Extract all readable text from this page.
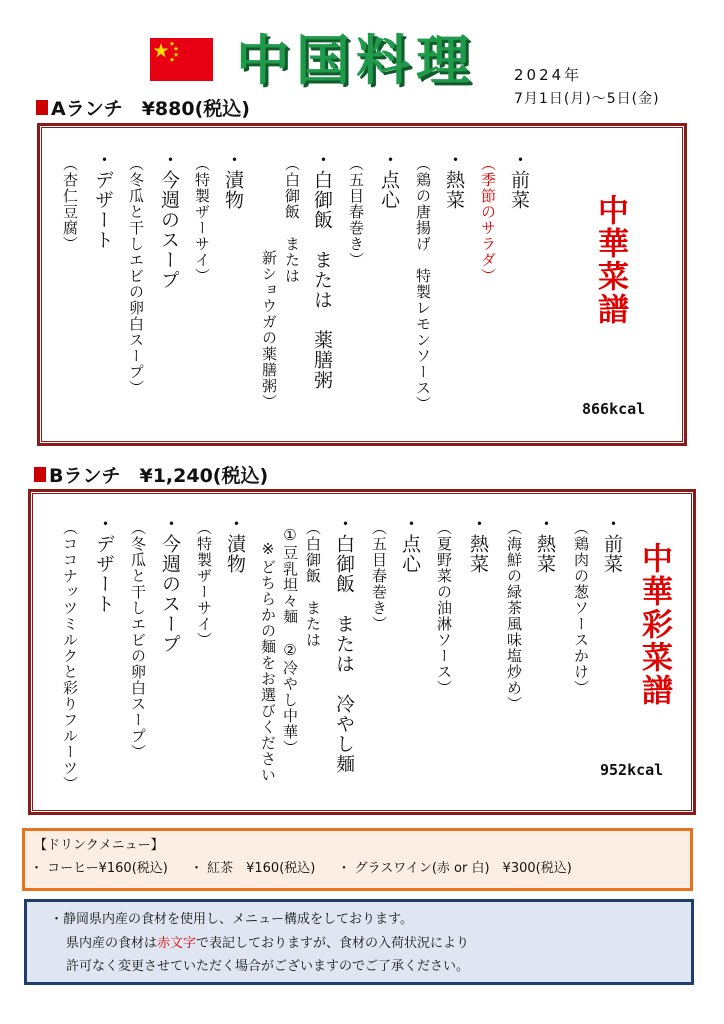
中国料理	2024年
7月1日(月)〜5日(金)
Aランチ　¥880(税込)
中華菜譜
・前菜
（季節のサラダ）
・熱菜
（鶏の唐揚げ　特製レモンソース）
・点心
（五目春巻き）
・白御飯　または　薬膳粥
（白御飯　または
新ショウガの薬膳粥）
・漬物
（特製ザーサイ）
・今週のスープ
（冬瓜と干しエビの卵白スープ）
・デザート
（杏仁豆腐）
866kcal
Bランチ　¥1,240(税込)
中華彩菜譜
・前菜
（鶏肉の葱ソースかけ）
・熱菜
（海鮮の緑茶風味塩炒め）
・熱菜
（夏野菜の油淋ソース）
・点心
（五目春巻き）
・白御飯　または　冷やし麺
（白御飯　または
①豆乳坦々麺　②冷やし中華）
※どちらかの麺をお選びください
・漬物
（特製ザーサイ）
・今週のスープ
（冬瓜と干しエビの卵白スープ）
・デザート
（ココナッツミルクと彩りフルーツ）	952kcal
【ドリンクメニュー】
・ コーヒー¥160(税込) ・ 紅茶　¥160(税込) ・ グラスワイン(赤 or 白)　¥300(税込)
・静岡県内産の食材を使用し、メニュー構成をしております。
県内産の食材は赤文字で表記しておりますが、食材の入荷状況により
許可なく変更させていただく場合がございますのでご了承ください。
